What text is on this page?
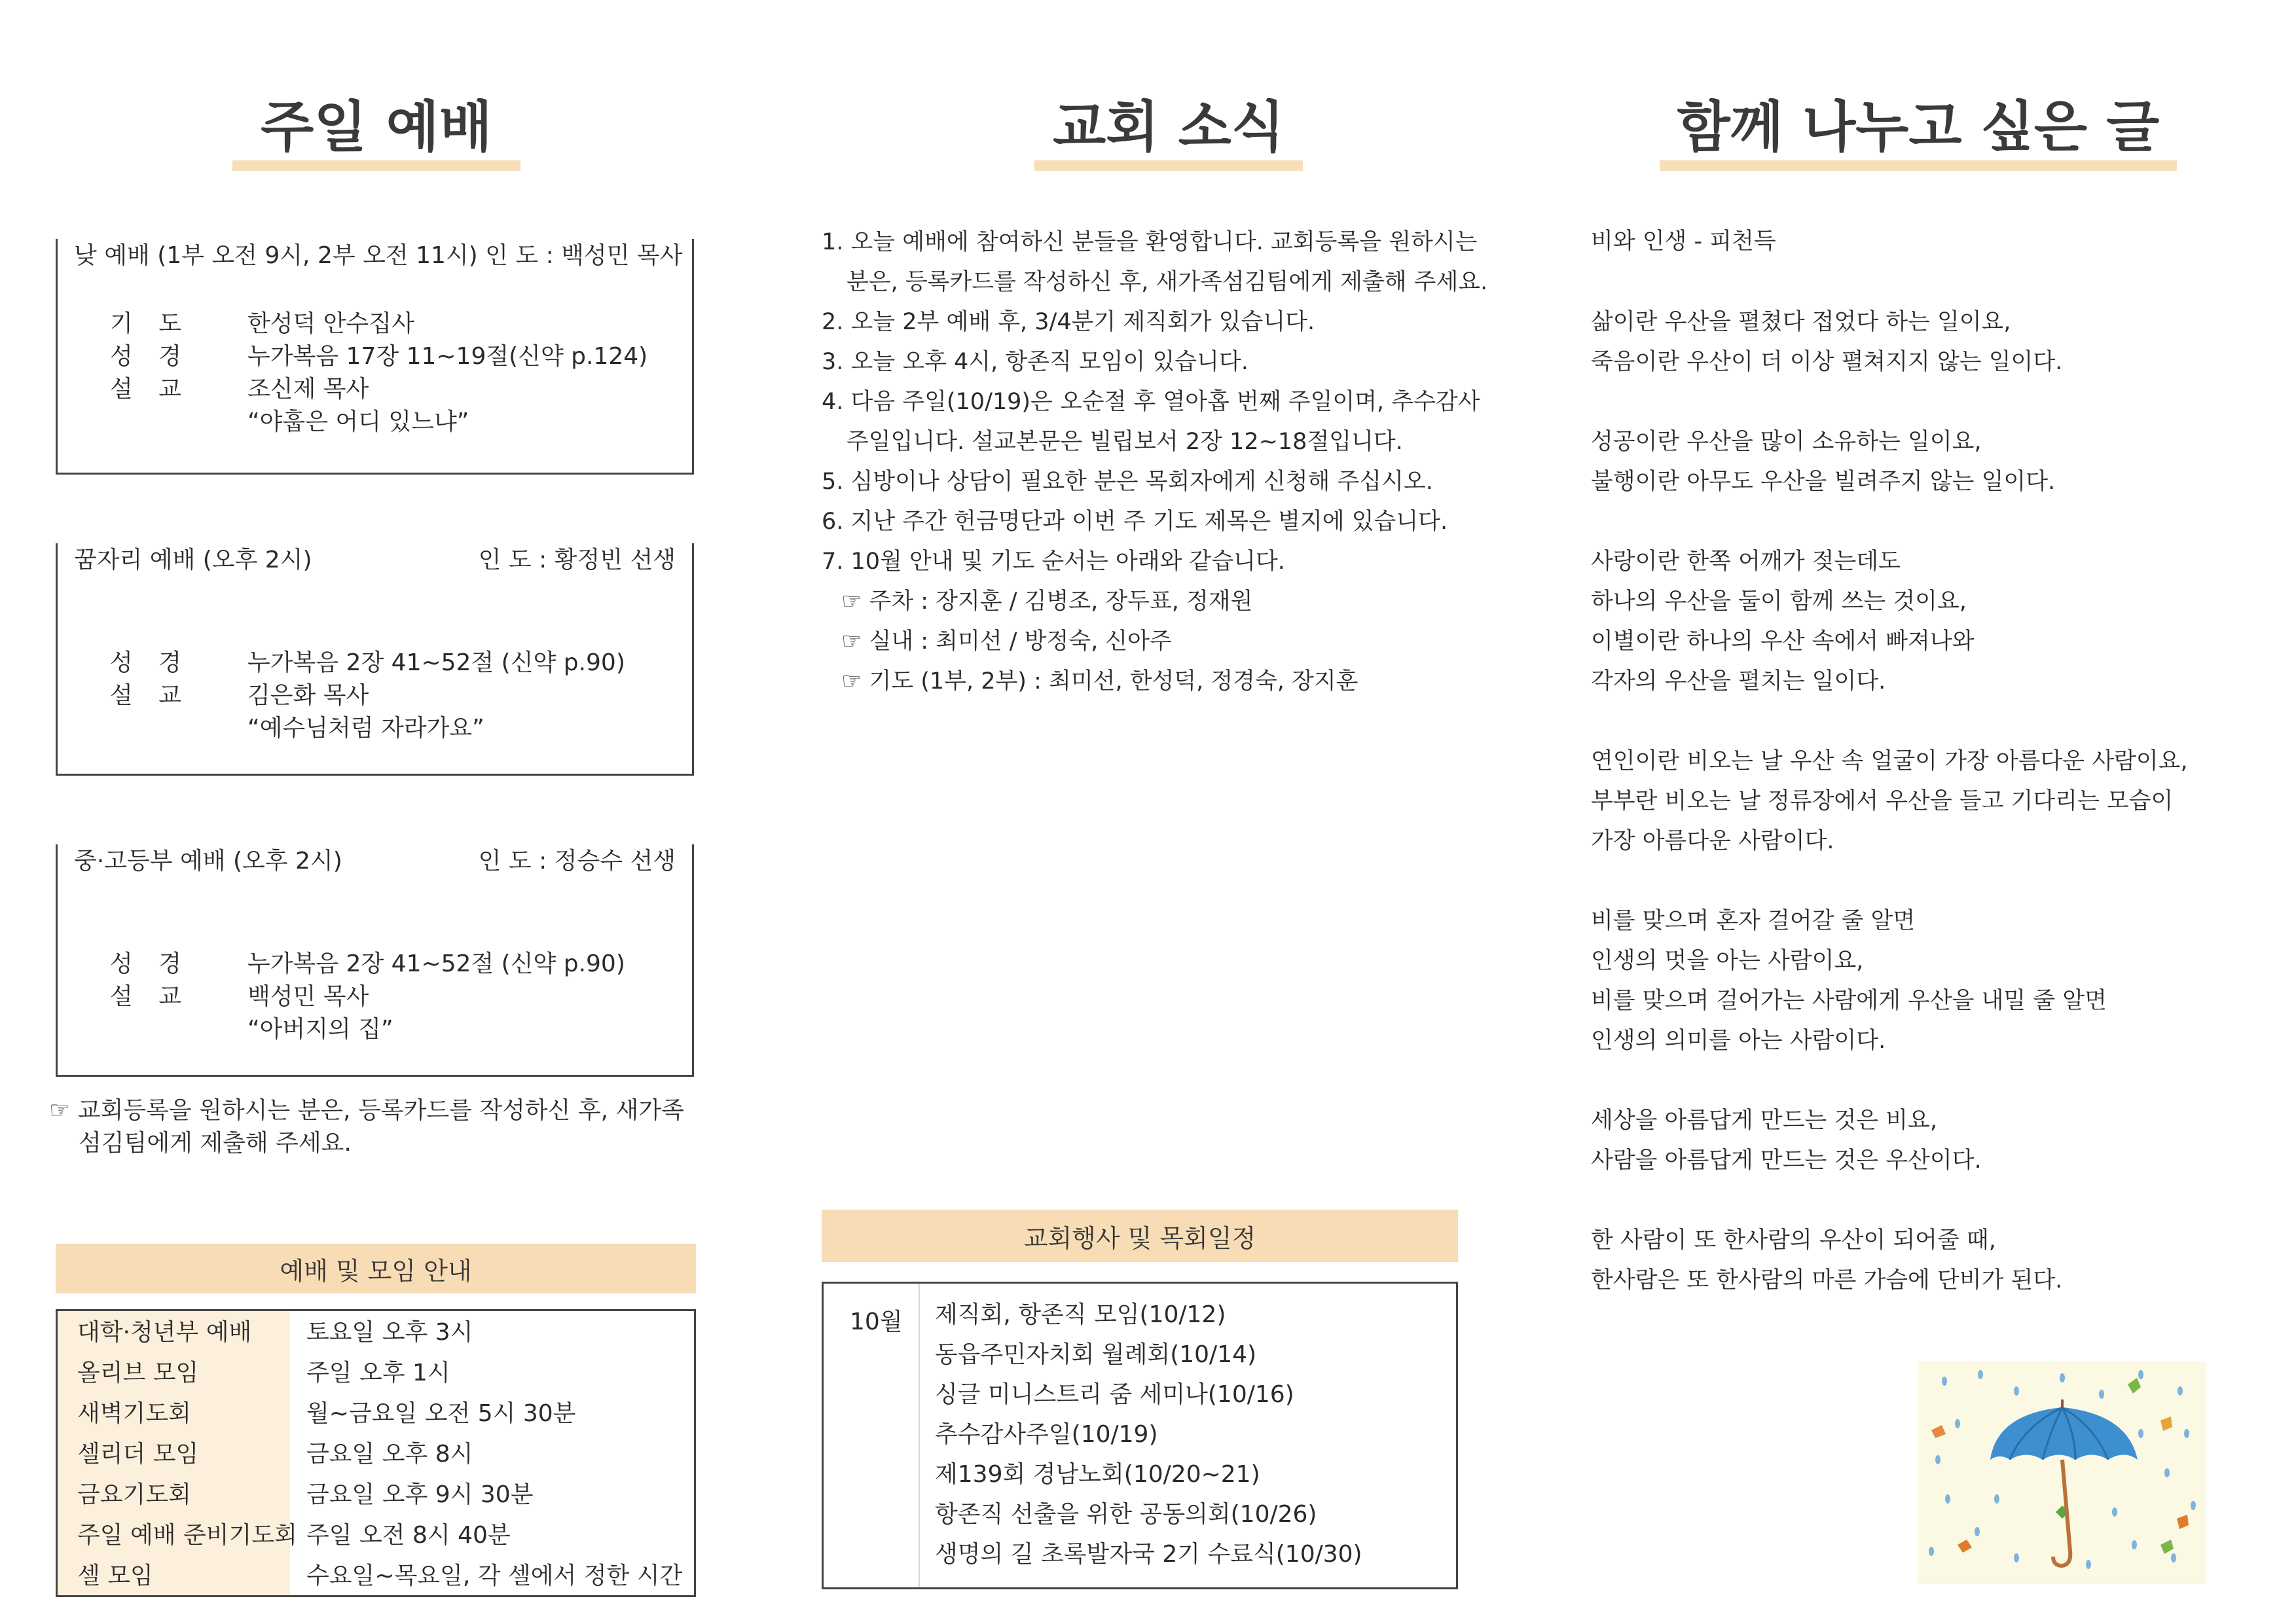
주일 예배
낮 예배 (1부 오전 9시, 2부 오전 11시) 인 도 : 백성민 목사
기 도 한성덕 안수집사
성 경 누가복음 17장 11~19절(신약 p.124)
설 교 조신제 목사
“야훕은 어디 있느냐”
꿈자리 예배 (오후 2시)	인 도 : 황정빈 선생
성 경 누가복음 2장 41~52절 (신약 p.90)
설 교 김은화 목사
“예수님처럼 자라가요”
중·고등부 예배 (오후 2시)	인 도 : 정승수 선생
성 경 누가복음 2장 41~52절 (신약 p.90)
설 교 백성민 목사
“아버지의 집”
☞ 교회등록을 원하시는 분은, 등록카드를 작성하신 후, 새가족
섬김팀에게 제출해 주세요.
예배 및 모임 안내
대학·청년부 예배 토요일 오후 3시
올리브 모임	주일 오후 1시
새벽기도회	월~금요일 오전 5시 30분
셀리더 모임	금요일 오후 8시
금요기도회	금요일 오후 9시 30분
주일 예배 준비기도회 주일 오전 8시 40분
셀 모임	수요일~목요일, 각 셀에서 정한 시간
교회 소식
1. 오늘 예배에 참여하신 분들을 환영합니다. 교회등록을 원하시는
분은, 등록카드를 작성하신 후, 새가족섬김팀에게 제출해 주세요.
2. 오늘 2부 예배 후, 3/4분기 제직회가 있습니다.
3. 오늘 오후 4시, 항존직 모임이 있습니다.
4. 다음 주일(10/19)은 오순절 후 열아홉 번째 주일이며, 추수감사
주일입니다. 설교본문은 빌립보서 2장 12~18절입니다.
5. 심방이나 상담이 필요한 분은 목회자에게 신청해 주십시오.
6. 지난 주간 헌금명단과 이번 주 기도 제목은 별지에 있습니다.
7. 10월 안내 및 기도 순서는 아래와 같습니다.
☞ 주차 : 장지훈 / 김병조, 장두표, 정재원
☞ 실내 : 최미선 / 방정숙, 신아주
☞ 기도 (1부, 2부) : 최미선, 한성덕, 정경숙, 장지훈
교회행사 및 목회일정
10월 제직회, 항존직 모임(10/12)
동읍주민자치회 월례회(10/14)
싱글 미니스트리 줌 세미나(10/16)
추수감사주일(10/19)
제139회 경남노회(10/20~21)
항존직 선출을 위한 공동의회(10/26)
생명의 길 초록발자국 2기 수료식(10/30)
함께 나누고 싶은 글
비와 인생 - 피천득
삶이란 우산을 펼쳤다 접었다 하는 일이요,
죽음이란 우산이 더 이상 펼쳐지지 않는 일이다.
성공이란 우산을 많이 소유하는 일이요,
불행이란 아무도 우산을 빌려주지 않는 일이다.
사랑이란 한쪽 어깨가 젖는데도
하나의 우산을 둘이 함께 쓰는 것이요,
이별이란 하나의 우산 속에서 빠져나와
각자의 우산을 펼치는 일이다.
연인이란 비오는 날 우산 속 얼굴이 가장 아름다운 사람이요,
부부란 비오는 날 정류장에서 우산을 들고 기다리는 모습이
가장 아름다운 사람이다.
비를 맞으며 혼자 걸어갈 줄 알면
인생의 멋을 아는 사람이요,
비를 맞으며 걸어가는 사람에게 우산을 내밀 줄 알면
인생의 의미를 아는 사람이다.
세상을 아름답게 만드는 것은 비요,
사람을 아름답게 만드는 것은 우산이다.
한 사람이 또 한사람의 우산이 되어줄 때,
한사람은 또 한사람의 마른 가슴에 단비가 된다.
